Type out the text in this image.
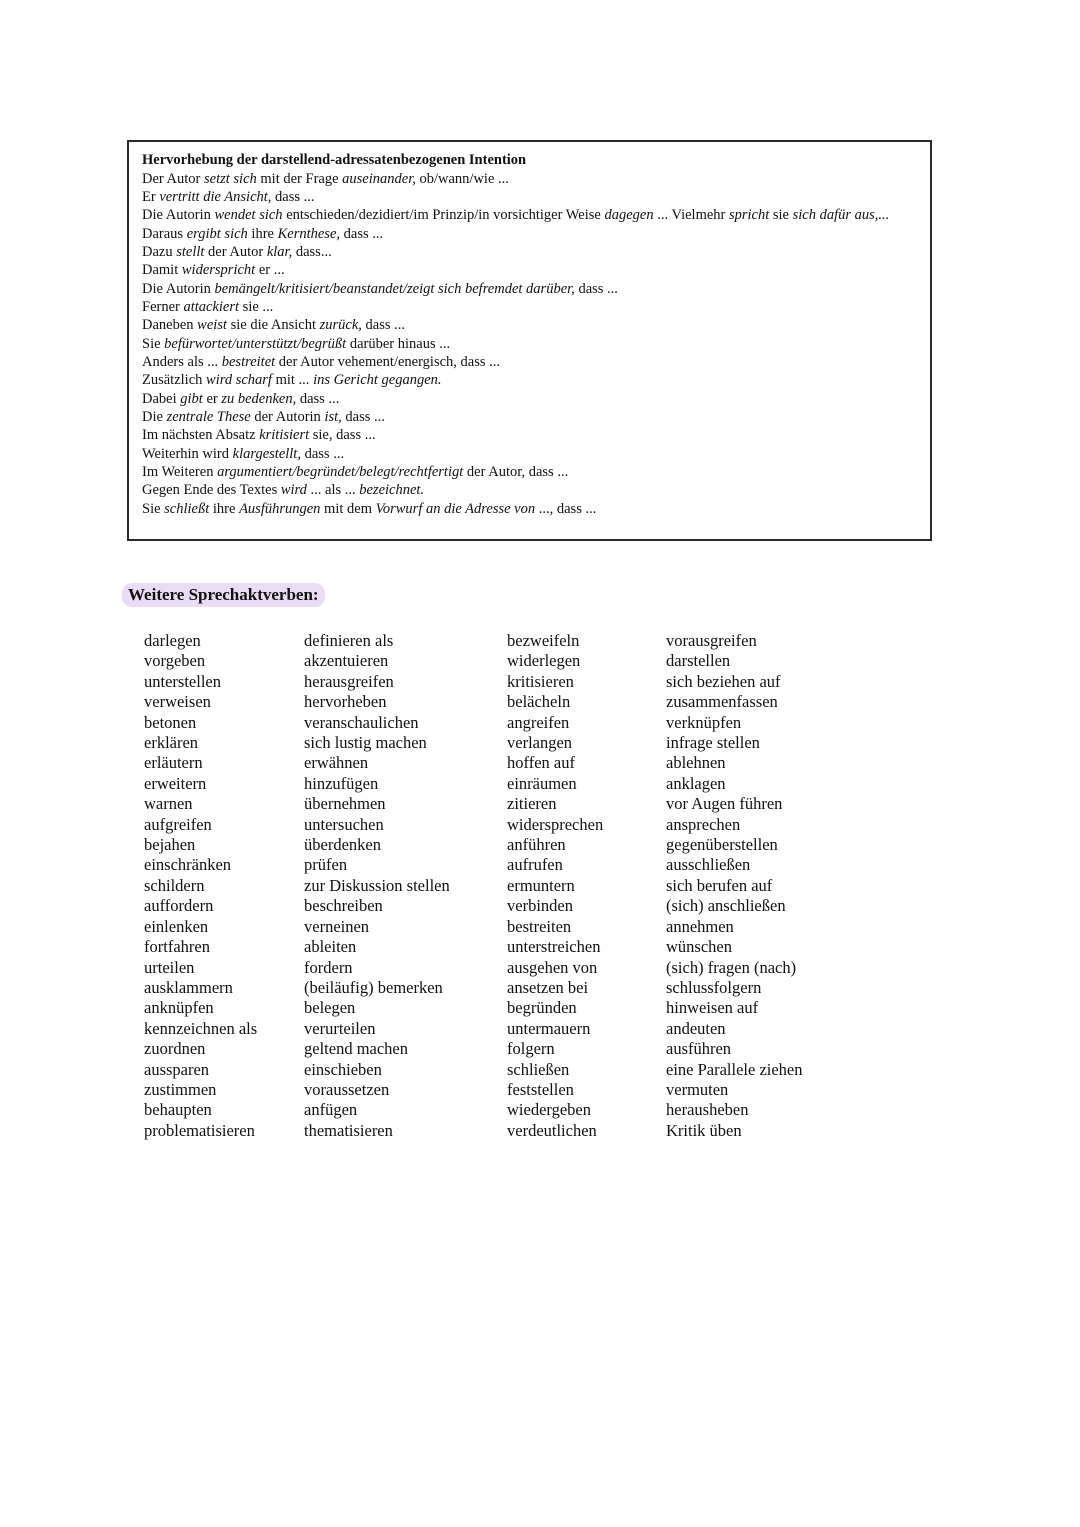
Hervorhebung der darstellend-adressatenbezogenen Intention
Der Autor setzt sich mit der Frage auseinander, ob/wann/wie ...
Er vertritt die Ansicht, dass ...
Die Autorin wendet sich entschieden/dezidiert/im Prinzip/in vorsichtiger Weise dagegen ... Vielmehr spricht sie sich dafür aus,...
Daraus ergibt sich ihre Kernthese, dass ...
Dazu stellt der Autor klar, dass...
Damit widerspricht er ...
Die Autorin bemängelt/kritisiert/beanstandet/zeigt sich befremdet darüber, dass ...
Ferner attackiert sie ...
Daneben weist sie die Ansicht zurück, dass ...
Sie befürwortet/unterstützt/begrüßt darüber hinaus ...
Anders als ... bestreitet der Autor vehement/energisch, dass ...
Zusätzlich wird scharf mit ... ins Gericht gegangen.
Dabei gibt er zu bedenken, dass ...
Die zentrale These der Autorin ist, dass ...
Im nächsten Absatz kritisiert sie, dass ...
Weiterhin wird klargestellt, dass ...
Im Weiteren argumentiert/begründet/belegt/rechtfertigt der Autor, dass ...
Gegen Ende des Textes wird ... als ... bezeichnet.
Sie schließt ihre Ausführungen mit dem Vorwurf an die Adresse von ..., dass ...
Weitere Sprechaktverben:
darlegen
vorgeben
unterstellen
verweisen
betonen
erklären
erläutern
erweitern
warnen
aufgreifen
bejahen
einschränken
schildern
auffordern
einlenken
fortfahren
urteilen
ausklammern
anknüpfen
kennzeichnen als
zuordnen
aussparen
zustimmen
behaupten
problematisieren
definieren als
akzentuieren
herausgreifen
hervorheben
veranschaulichen
sich lustig machen
erwähnen
hinzufügen
übernehmen
untersuchen
überdenken
prüfen
zur Diskussion stellen
beschreiben
verneinen
ableiten
fordern
(beiläufig) bemerken
belegen
verurteilen
geltend machen
einschieben
voraussetzen
anfügen
thematisieren
bezweifeln
widerlegen
kritisieren
belächeln
angreifen
verlangen
hoffen auf
einräumen
zitieren
widersprechen
anführen
aufrufen
ermuntern
verbinden
bestreiten
unterstreichen
ausgehen von
ansetzen bei
begründen
untermauern
folgern
schließen
feststellen
wiedergeben
verdeutlichen
vorausgreifen
darstellen
sich beziehen auf
zusammenfassen
verknüpfen
infrage stellen
ablehnen
anklagen
vor Augen führen
ansprechen
gegenüberstellen
ausschließen
sich berufen auf
(sich) anschließen
annehmen
wünschen
(sich) fragen (nach)
schlussfolgern
hinweisen auf
andeuten
ausführen
eine Parallele ziehen
vermuten
herausheben
Kritik üben
